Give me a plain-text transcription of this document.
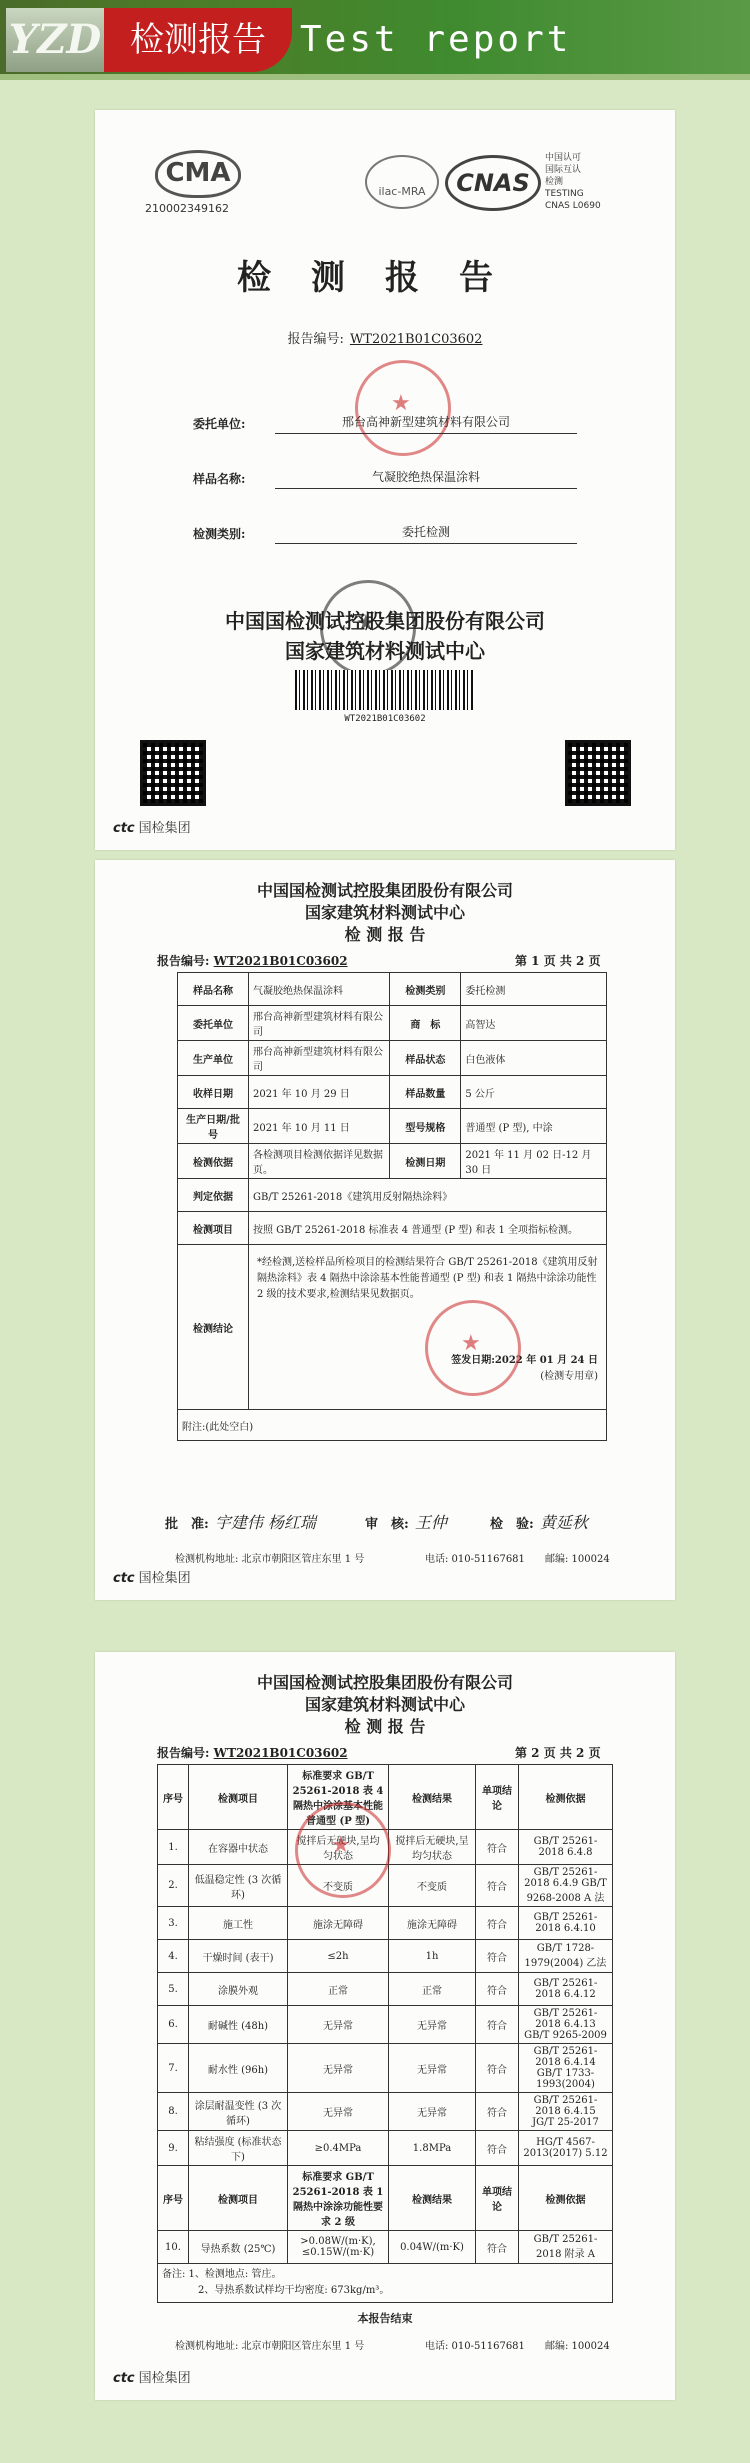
YZD 检测报告 Test report
CMA
210002349162
ilac-MRA	CNAS
中国认可
国际互认
检测
TESTING
CNAS L0690
检测报告
报告编号: WT2021B01C03602
★
委托单位:	邢台高神新型建筑材料有限公司
样品名称:	气凝胶绝热保温涂料
检测类别:	委托检测
★
中国国检测试控股集团股份有限公司
国家建筑材料测试中心
WT2021B01C03602
ctc 国检集团
中国国检测试控股集团股份有限公司
国家建筑材料测试中心
检 测 报 告
报告编号: WT2021B01C03602	第 1 页 共 2 页
样品名称	气凝胶绝热保温涂料	检测类别	委托检测
委托单位	邢台高神新型建筑材料有限公司	商　标	高智达
生产单位	邢台高神新型建筑材料有限公司	样品状态	白色液体
收样日期	2021 年 10 月 29 日	样品数量	5 公斤
生产日期/批号	2021 年 10 月 11 日	型号规格	普通型 (P 型), 中涂
检测依据	各检测项目检测依据详见数据页。	检测日期	2021 年 11 月 02 日-12 月 30 日
判定依据	GB/T 25261-2018《建筑用反射隔热涂料》		
检测项目	按照 GB/T 25261-2018 标准表 4 普通型 (P 型) 和表 1 全项指标检测。		
检测结论	*经检测,送检样品所检项目的检测结果符合 GB/T 25261-2018《建筑用反射隔热涂料》表 4 隔热中涂涂基本性能普通型 (P 型) 和表 1 隔热中涂涂功能性 2 级的技术要求,检测结果见数据页。
签发日期:2022 年 01 月 24 日
(检测专用章)		

附注:(此处空白)			
★
批　准: 宇建伟 杨红瑞	审　核: 王仲	检　验: 黄延秋
检测机构地址: 北京市朝阳区管庄东里 1 号	电话: 010-51167681 邮编: 100024
ctc 国检集团
中国国检测试控股集团股份有限公司
国家建筑材料测试中心
检 测 报 告
报告编号: WT2021B01C03602	第 2 页 共 2 页
序号	检测项目	标准要求 GB/T 25261-2018 表 4 隔热中涂涂基本性能 普通型 (P 型)	检测结果	单项结论	检测依据
1.	在容器中状态	搅拌后无硬块,呈均匀状态	搅拌后无硬块,呈均匀状态	符合	GB/T 25261-2018 6.4.8
2.	低温稳定性 (3 次循环)	不变质	不变质	符合	GB/T 25261-2018 6.4.9 GB/T 9268-2008 A 法
3.	施工性	施涂无障碍	施涂无障碍	符合	GB/T 25261-2018 6.4.10
4.	干燥时间 (表干)	≤2h	1h	符合	GB/T 1728-1979(2004) 乙法
5.	涂膜外观	正常	正常	符合	GB/T 25261-2018 6.4.12
6.	耐碱性 (48h)	无异常	无异常	符合	GB/T 25261-2018 6.4.13 GB/T 9265-2009
7.	耐水性 (96h)	无异常	无异常	符合	GB/T 25261-2018 6.4.14 GB/T 1733-1993(2004)
8.	涂层耐温变性 (3 次循环)	无异常	无异常	符合	GB/T 25261-2018 6.4.15 JG/T 25-2017
9.	粘结强度 (标准状态下)	≥0.4MPa	1.8MPa	符合	HG/T 4567-2013(2017) 5.12
序号	检测项目	标准要求 GB/T 25261-2018 表 1 隔热中涂涂功能性要求 2 级	检测结果	单项结论	检测依据
10.	导热系数 (25℃)	>0.08W/(m·K), ≤0.15W/(m·K)	0.04W/(m·K)	符合	GB/T 25261-2018 附录 A

备注: 1、检测地点: 管庄。
2、导热系数试样均干均密度: 673kg/m³。					
★
本报告结束
检测机构地址: 北京市朝阳区管庄东里 1 号	电话: 010-51167681 邮编: 100024
ctc 国检集团
